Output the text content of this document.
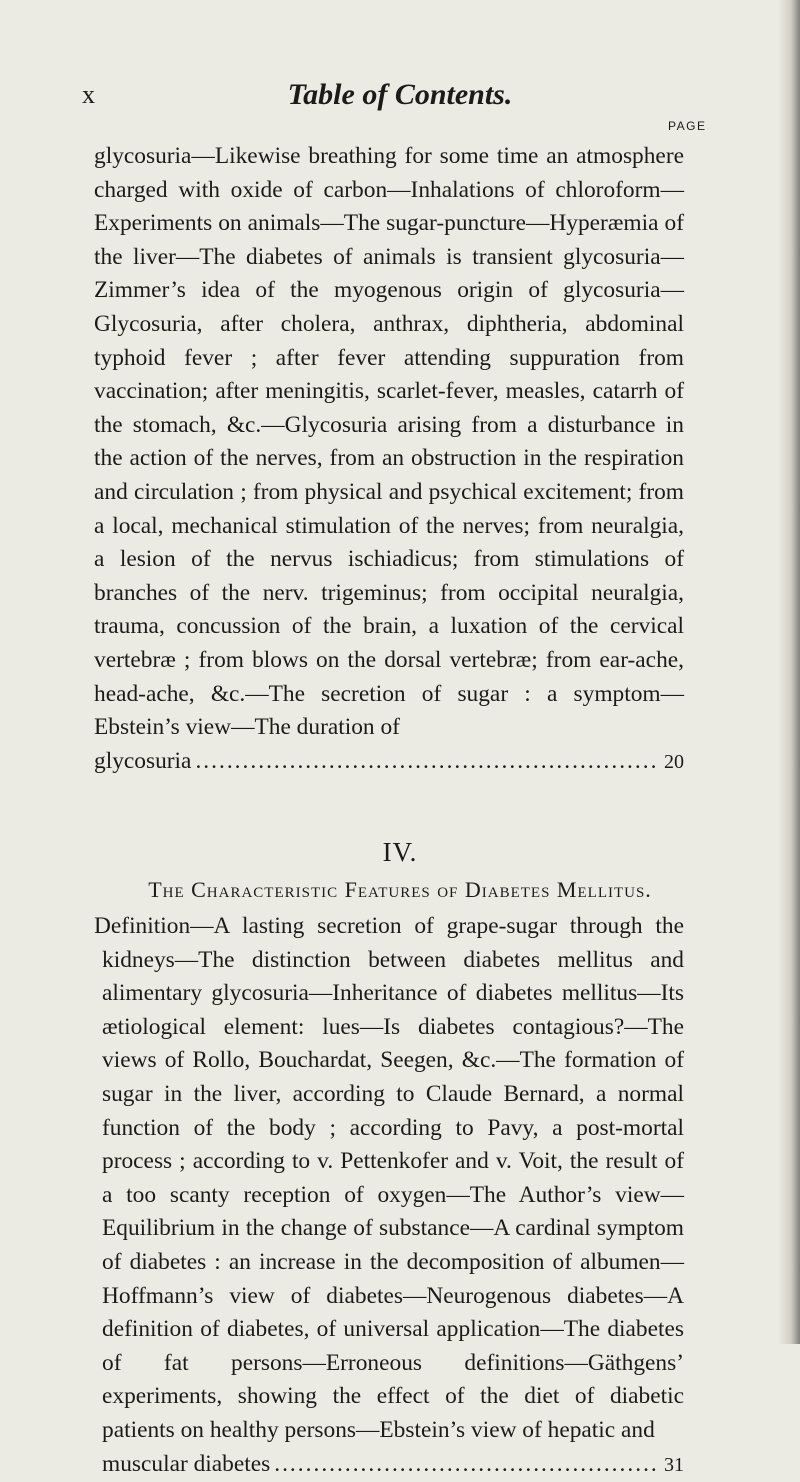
x	Table of Contents.
PAGE
glycosuria—Likewise breathing for some time an atmosphere charged with oxide of carbon—Inhalations of chloroform—Experiments on animals—The sugar-puncture—Hyperæmia of the liver—The diabetes of animals is transient glycosuria—Zimmer’s idea of the myogenous origin of glycosuria—Glycosuria, after cholera, anthrax, diphtheria, abdominal typhoid fever ; after fever attending suppuration from vaccination; after meningitis, scarlet-fever, measles, catarrh of the stomach, &c.—Glycosuria arising from a disturbance in the action of the nerves, from an obstruction in the respiration and circulation ; from physical and psychical excitement; from a local, mechanical stimulation of the nerves; from neuralgia, a lesion of the nervus ischiadicus; from stimulations of branches of the nerv. trigeminus; from occipital neuralgia, trauma, concussion of the brain, a luxation of the cervical vertebræ ; from blows on the dorsal vertebræ; from ear-ache, head-ache, &c.—The secretion of sugar : a symptom—Ebstein’s view—The duration of
glycosuria .....	20
IV.
The Characteristic Features of Diabetes Mellitus.
Definition—A lasting secretion of grape-sugar through the kidneys—The distinction between diabetes mellitus and alimentary glycosuria—Inheritance of diabetes mellitus—Its ætiological element: lues—Is diabetes contagious?—The views of Rollo, Bouchardat, Seegen, &c.—The formation of sugar in the liver, according to Claude Bernard, a normal function of the body ; according to Pavy, a post-mortal process ; according to v. Pettenkofer and v. Voit, the result of a too scanty reception of oxygen—The Author’s view—Equilibrium in the change of substance—A cardinal symptom of diabetes : an increase in the decomposition of albumen—Hoffmann’s view of diabetes—Neurogenous diabetes—A definition of diabetes, of universal application—The diabetes of fat persons—Erroneous definitions—Gäthgens’ experiments, showing the effect of the diet of diabetic patients on healthy persons—Ebstein’s view of hepatic and
muscular diabetes .....	31
